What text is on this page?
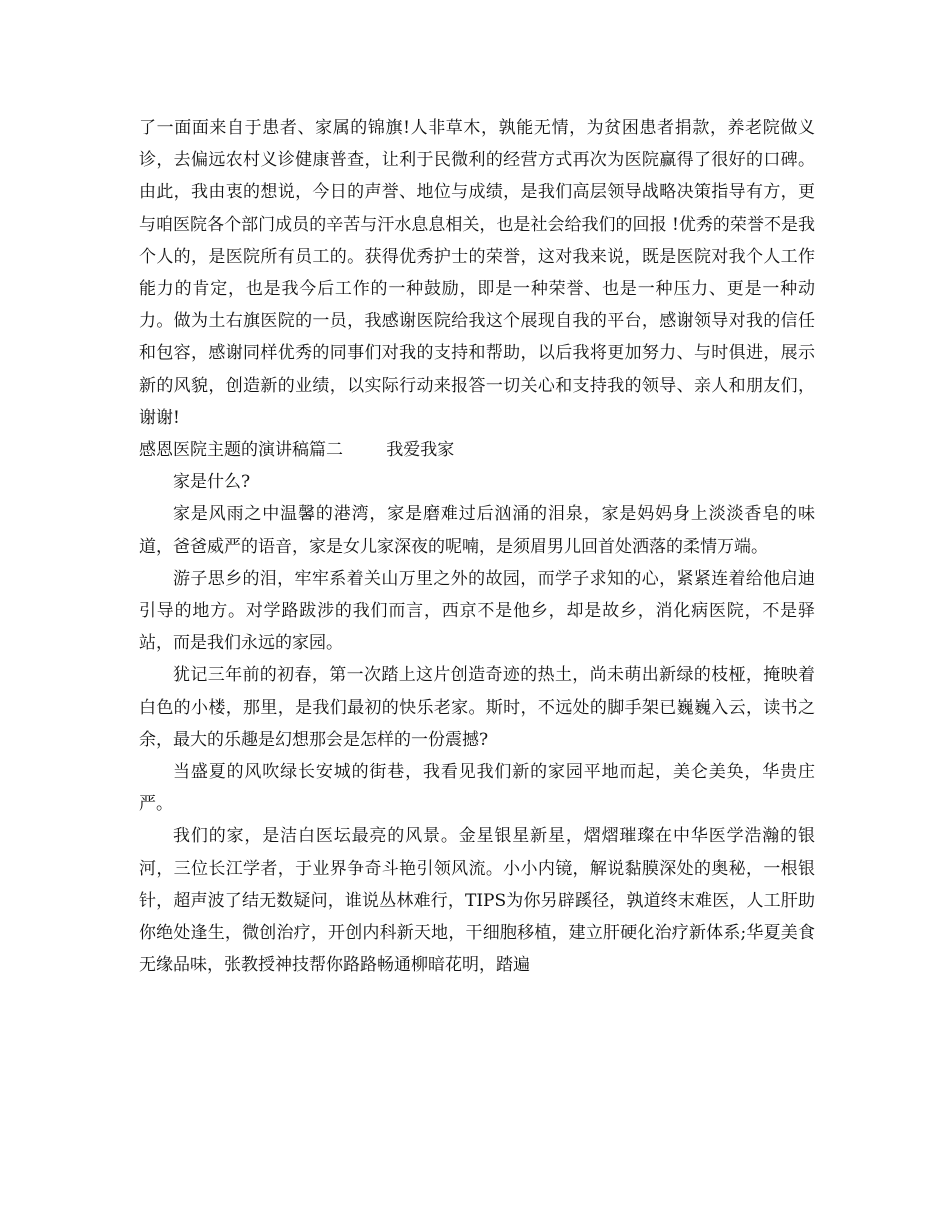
了一面面来自于患者、家属的锦旗!人非草木，孰能无情，为贫困患者捐款，养老院做义诊，去偏远农村义诊健康普查，让利于民微利的经营方式再次为医院赢得了很好的口碑。由此，我由衷的想说，今日的声誉、地位与成绩，是我们高层领导战略决策指导有方，更与咱医院各个部门成员的辛苦与汗水息息相关，也是社会给我们的回报 !优秀的荣誉不是我个人的，是医院所有员工的。获得优秀护士的荣誉，这对我来说，既是医院对我个人工作能力的肯定，也是我今后工作的一种鼓励，即是一种荣誉、也是一种压力、更是一种动力。做为土右旗医院的一员，我感谢医院给我这个展现自我的平台，感谢领导对我的信任和包容，感谢同样优秀的同事们对我的支持和帮助，以后我将更加努力、与时俱进，展示新的风貌，创造新的业绩，以实际行动来报答一切关心和支持我的领导、亲人和朋友们，谢谢!

感恩医院主题的演讲稿篇二	我爱我家

家是什么?

家是风雨之中温馨的港湾，家是磨难过后汹涌的泪泉，家是妈妈身上淡淡香皂的味道，爸爸威严的语音，家是女儿家深夜的呢喃，是须眉男儿回首处洒落的柔情万端。

游子思乡的泪，牢牢系着关山万里之外的故园，而学子求知的心，紧紧连着给他启迪引导的地方。对学路跋涉的我们而言，西京不是他乡，却是故乡，消化病医院，不是驿站，而是我们永远的家园。

犹记三年前的初春，第一次踏上这片创造奇迹的热土，尚未萌出新绿的枝桠，掩映着白色的小楼，那里，是我们最初的快乐老家。斯时，不远处的脚手架已巍巍入云，读书之余，最大的乐趣是幻想那会是怎样的一份震撼?

当盛夏的风吹绿长安城的街巷，我看见我们新的家园平地而起，美仑美奂，华贵庄严。

我们的家，是洁白医坛最亮的风景。金星银星新星，熠熠璀璨在中华医学浩瀚的银河，三位长江学者，于业界争奇斗艳引领风流。小小内镜，解说黏膜深处的奥秘，一根银针，超声波了结无数疑问，谁说丛林难行，TIPS为你另辟蹊径，孰道终末难医，人工肝助你绝处逢生，微创治疗，开创内科新天地，干细胞移植，建立肝硬化治疗新体系;华夏美食无缘品味，张教授神技帮你路路畅通柳暗花明，踏遍
